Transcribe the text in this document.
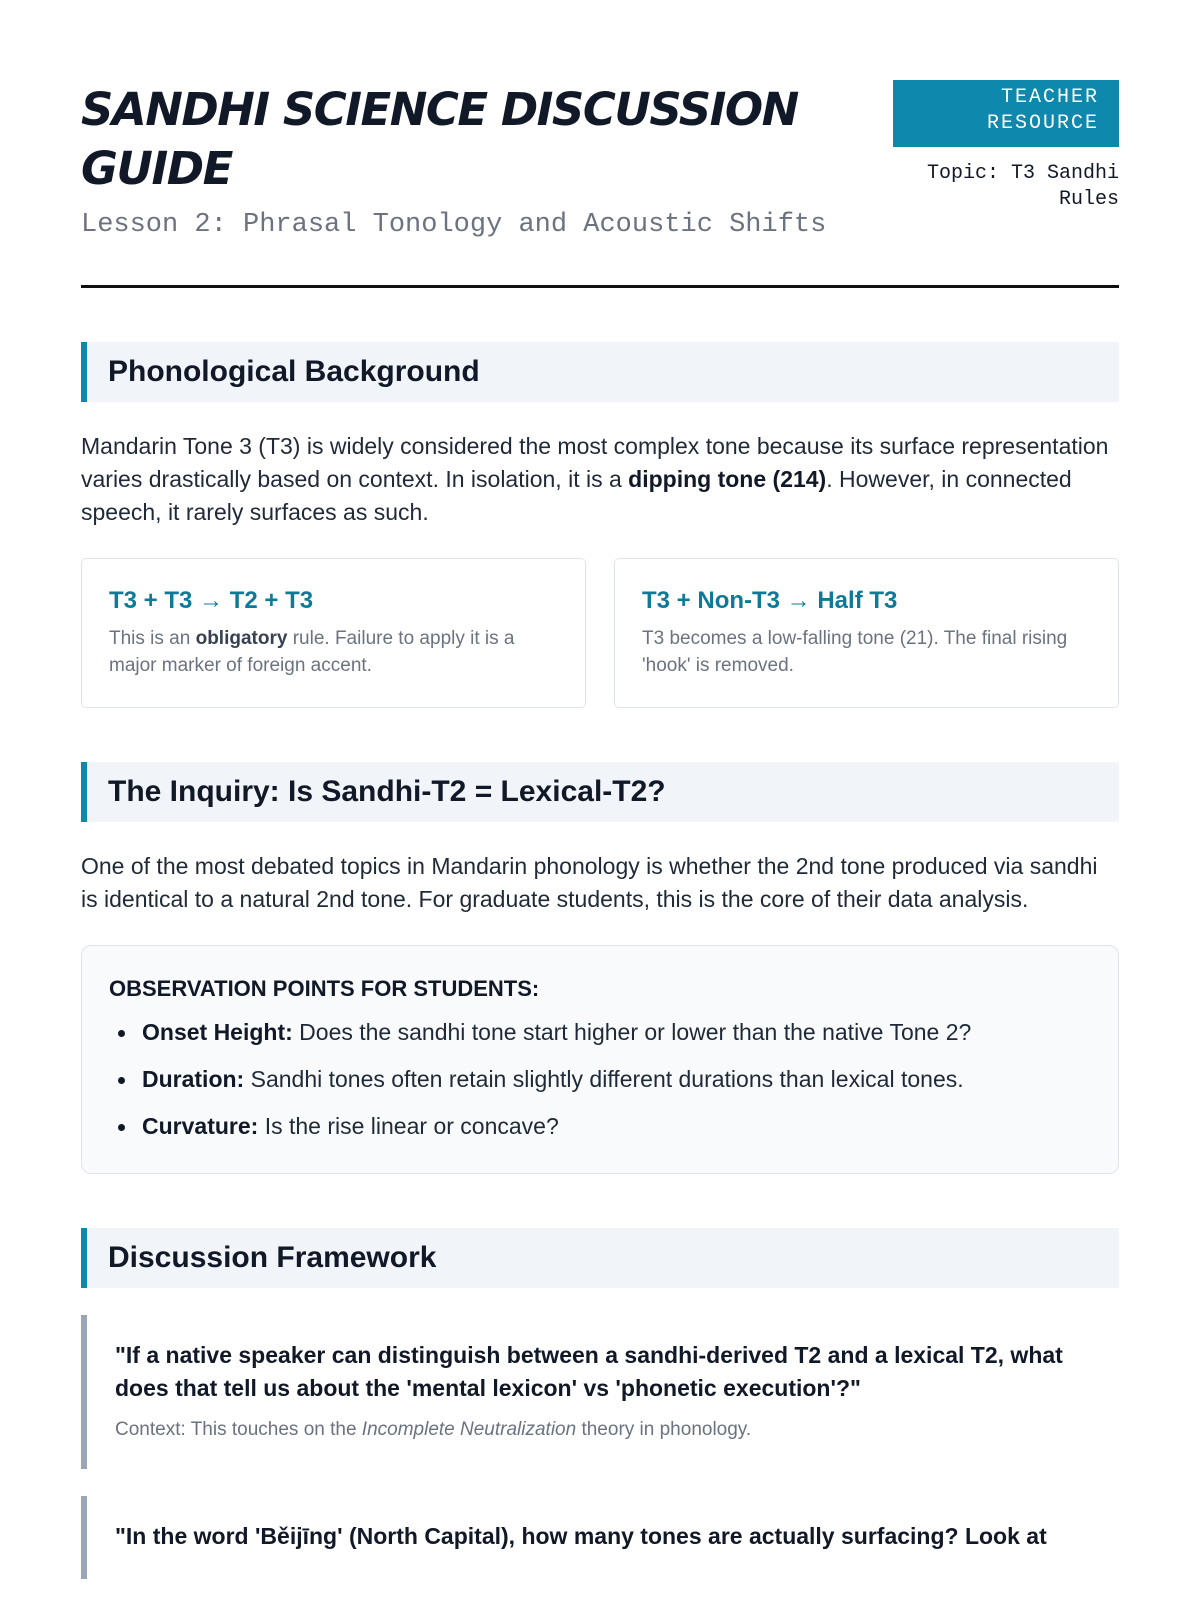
SANDHI SCIENCE DISCUSSION GUIDE
Lesson 2: Phrasal Tonology and Acoustic Shifts
TEACHER RESOURCE
Topic: T3 Sandhi Rules
Phonological Background

Mandarin Tone 3 (T3) is widely considered the most complex tone because its surface representation varies drastically based on context. In isolation, it is a dipping tone (214). However, in connected speech, it rarely surfaces as such.

T3 + T3 → T2 + T3
This is an obligatory rule. Failure to apply it is a major marker of foreign accent.
T3 + Non-T3 → Half T3
T3 becomes a low-falling tone (21). The final rising 'hook' is removed.
The Inquiry: Is Sandhi-T2 = Lexical-T2?

One of the most debated topics in Mandarin phonology is whether the 2nd tone produced via sandhi is identical to a natural 2nd tone. For graduate students, this is the core of their data analysis.

OBSERVATION POINTS FOR STUDENTS:
Onset Height: Does the sandhi tone start higher or lower than the native Tone 2?
Duration: Sandhi tones often retain slightly different durations than lexical tones.
Curvature: Is the rise linear or concave?
Discussion Framework
"If a native speaker can distinguish between a sandhi-derived T2 and a lexical T2, what does that tell us about the 'mental lexicon' vs 'phonetic execution'?"
Context: This touches on the Incomplete Neutralization theory in phonology.
"In the word 'Běijīng' (North Capital), how many tones are actually surfacing? Look at
